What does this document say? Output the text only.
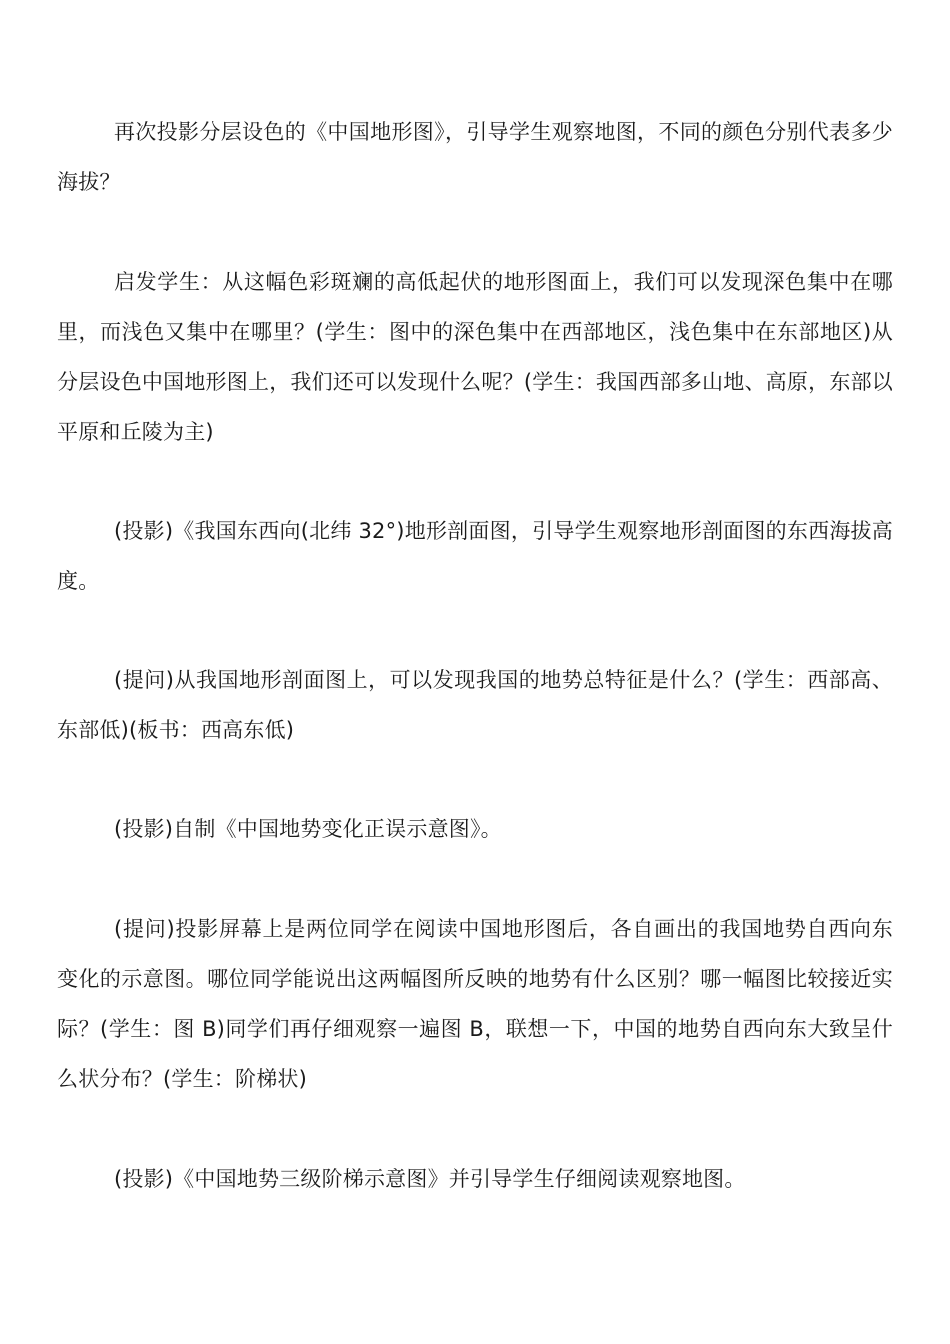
再次投影分层设色的《中国地形图》，引导学生观察地图，不同的颜色分别代表多少海拔？

启发学生：从这幅色彩斑斓的高低起伏的地形图面上，我们可以发现深色集中在哪里，而浅色又集中在哪里？(学生：图中的深色集中在西部地区，浅色集中在东部地区)从分层设色中国地形图上，我们还可以发现什么呢？(学生：我国西部多山地、高原，东部以平原和丘陵为主)

(投影)《我国东西向(北纬 32°)地形剖面图，引导学生观察地形剖面图的东西海拔高度。

(提问)从我国地形剖面图上，可以发现我国的地势总特征是什么？(学生：西部高、东部低)(板书：西高东低)

(投影)自制《中国地势变化正误示意图》。

(提问)投影屏幕上是两位同学在阅读中国地形图后，各自画出的我国地势自西向东变化的示意图。哪位同学能说出这两幅图所反映的地势有什么区别？哪一幅图比较接近实际？(学生：图 B)同学们再仔细观察一遍图 B，联想一下，中国的地势自西向东大致呈什么状分布？(学生：阶梯状)

(投影)《中国地势三级阶梯示意图》并引导学生仔细阅读观察地图。
